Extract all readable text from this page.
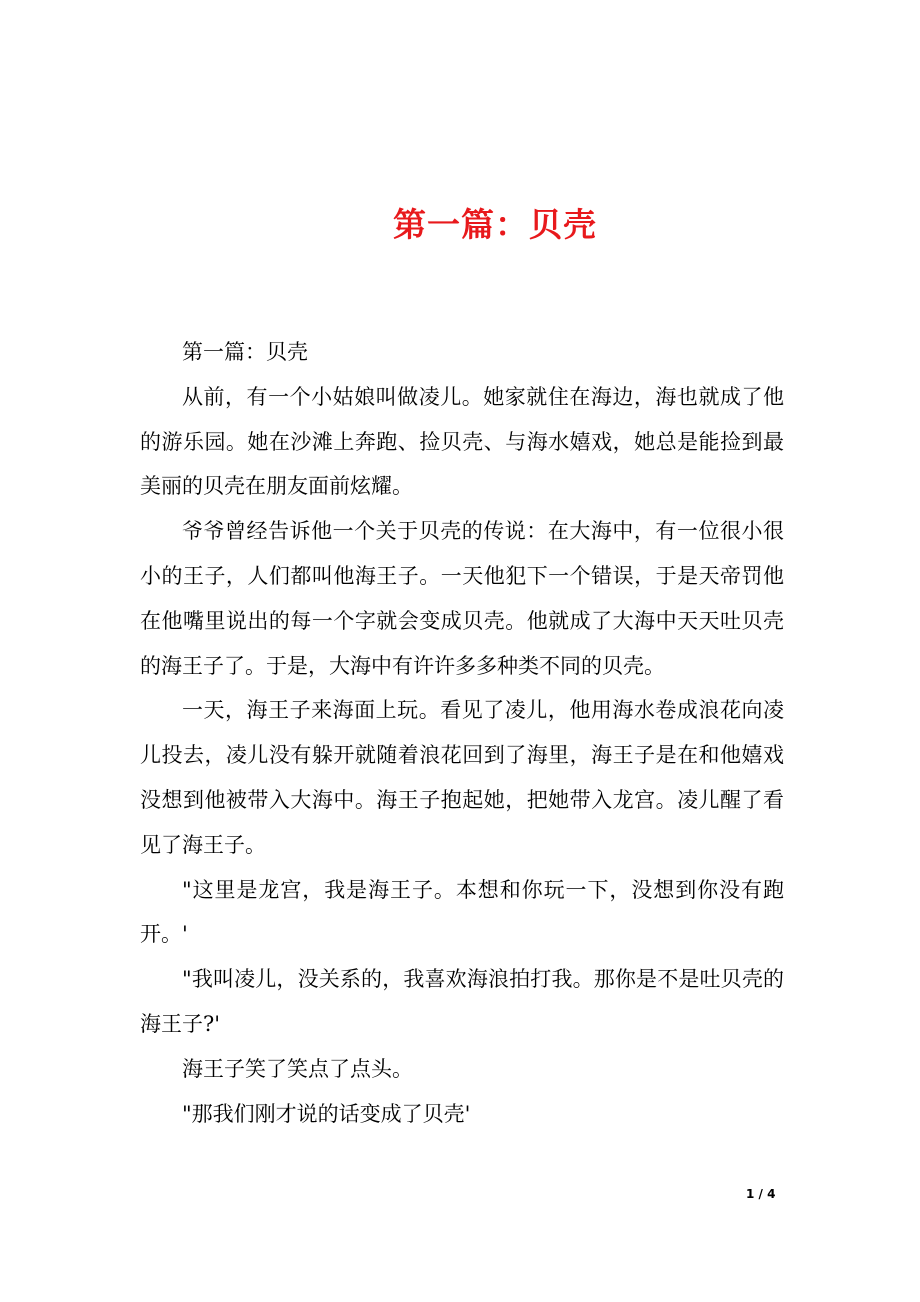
第一篇：贝壳

第一篇：贝壳

从前，有一个小姑娘叫做凌儿。她家就住在海边，海也就成了他的游乐园。她在沙滩上奔跑、捡贝壳、与海水嬉戏，她总是能捡到最美丽的贝壳在朋友面前炫耀。

爷爷曾经告诉他一个关于贝壳的传说：在大海中，有一位很小很小的王子，人们都叫他海王子。一天他犯下一个错误，于是天帝罚他在他嘴里说出的每一个字就会变成贝壳。他就成了大海中天天吐贝壳的海王子了。于是，大海中有许许多多种类不同的贝壳。

一天，海王子来海面上玩。看见了凌儿，他用海水卷成浪花向凌儿投去，凌儿没有躲开就随着浪花回到了海里，海王子是在和他嬉戏没想到他被带入大海中。海王子抱起她，把她带入龙宫。凌儿醒了看见了海王子。

"这里是龙宫，我是海王子。本想和你玩一下，没想到你没有跑开。'

"我叫凌儿，没关系的，我喜欢海浪拍打我。那你是不是吐贝壳的海王子?'

海王子笑了笑点了点头。

"那我们刚才说的话变成了贝壳'

1 / 4
